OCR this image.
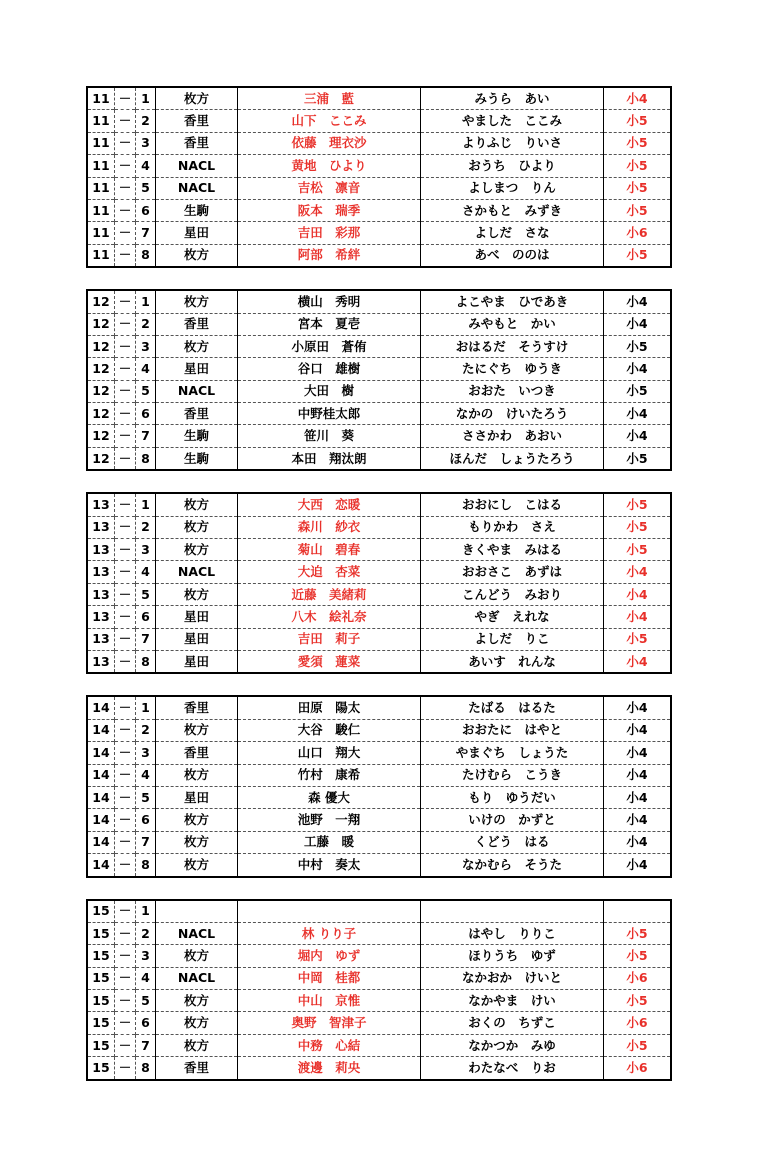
11	－	1	枚方	三浦　藍	みうら　あい	小4
11	－	2	香里	山下　ここみ	やました　ここみ	小5
11	－	3	香里	依藤　理衣沙	よりふじ　りいさ	小5
11	－	4	NACL	黄地　ひより	おうち　ひより	小5
11	－	5	NACL	吉松　凛音	よしまつ　りん	小5
11	－	6	生駒	阪本　瑞季	さかもと　みずき	小5
11	－	7	星田	吉田　彩那	よしだ　さな	小6
11	－	8	枚方	阿部　希絆	あべ　ののは	小5
12	－	1	枚方	横山　秀明	よこやま　ひであき	小4
12	－	2	香里	宮本　夏壱	みやもと　かい	小4
12	－	3	枚方	小原田　蒼侑	おはるだ　そうすけ	小5
12	－	4	星田	谷口　雄樹	たにぐち　ゆうき	小4
12	－	5	NACL	大田　樹	おおた　いつき	小5
12	－	6	香里	中野桂太郎	なかの　けいたろう	小4
12	－	7	生駒	笹川　葵	ささかわ　あおい	小4
12	－	8	生駒	本田　翔汰朗	ほんだ　しょうたろう	小5
13	－	1	枚方	大西　恋暖	おおにし　こはる	小5
13	－	2	枚方	森川　紗衣	もりかわ　さえ	小5
13	－	3	枚方	菊山　碧春	きくやま　みはる	小5
13	－	4	NACL	大迫　杏菜	おおさこ　あずは	小4
13	－	5	枚方	近藤　美緒莉	こんどう　みおり	小4
13	－	6	星田	八木　絵礼奈	やぎ　えれな	小4
13	－	7	星田	吉田　莉子	よしだ　りこ	小5
13	－	8	星田	愛須　蓮菜	あいす　れんな	小4
14	－	1	香里	田原　陽太	たばる　はるた	小4
14	－	2	枚方	大谷　駿仁	おおたに　はやと	小4
14	－	3	香里	山口　翔大	やまぐち　しょうた	小4
14	－	4	枚方	竹村　康希	たけむら　こうき	小4
14	－	5	星田	森 優大	もり　ゆうだい	小4
14	－	6	枚方	池野　一翔	いけの　かずと	小4
14	－	7	枚方	工藤　暖	くどう　はる	小4
14	－	8	枚方	中村　奏太	なかむら　そうた	小4
15	－	1				
15	－	2	NACL	林 りり子	はやし　りりこ	小5
15	－	3	枚方	堀内　ゆず	ほりうち　ゆず	小5
15	－	4	NACL	中岡　桂都	なかおか　けいと	小6
15	－	5	枚方	中山　京惟	なかやま　けい	小5
15	－	6	枚方	奥野　智津子	おくの　ちずこ	小6
15	－	7	枚方	中務　心結	なかつか　みゆ	小5
15	－	8	香里	渡邊　莉央	わたなべ　りお	小6
